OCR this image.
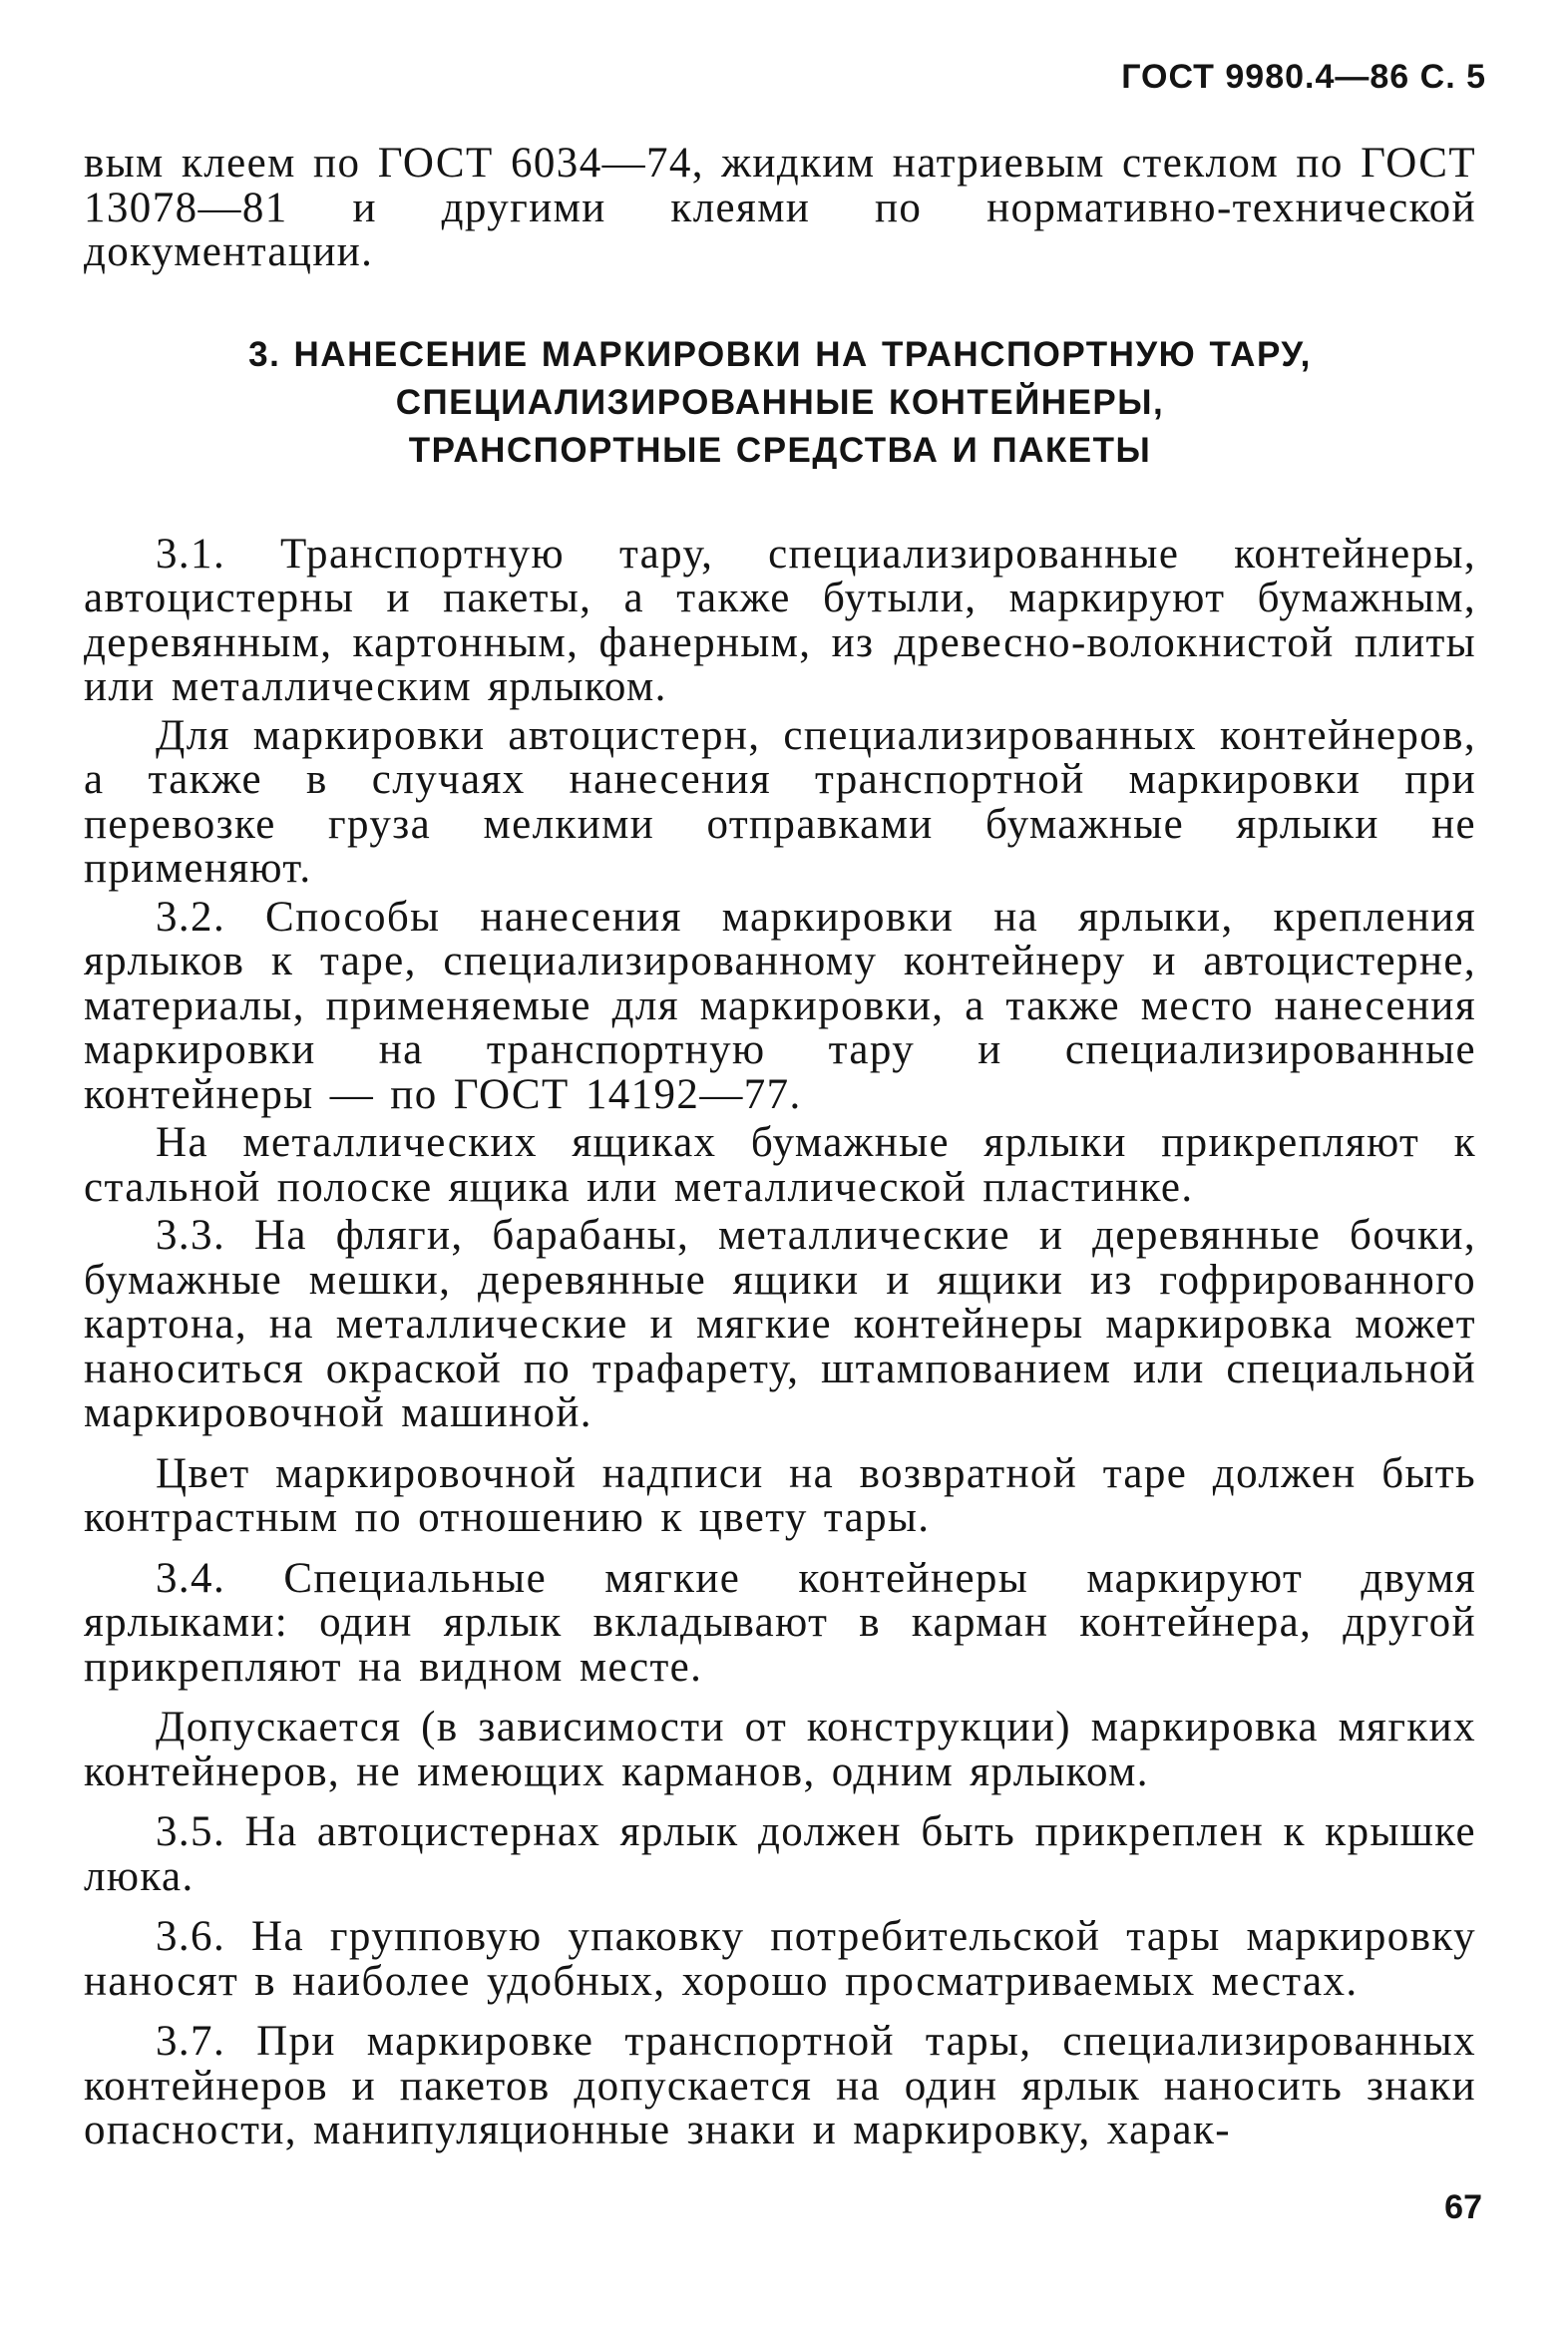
ГОСТ 9980.4—86 С. 5

вым клеем по ГОСТ 6034—74, жидким натриевым стеклом по ГОСТ 13078—81 и другими клеями по нормативно-технической документации.

3. НАНЕСЕНИЕ МАРКИРОВКИ НА ТРАНСПОРТНУЮ ТАРУ,
СПЕЦИАЛИЗИРОВАННЫЕ КОНТЕЙНЕРЫ,
ТРАНСПОРТНЫЕ СРЕДСТВА И ПАКЕТЫ

3.1. Транспортную тару, специализированные контейнеры, автоцистерны и пакеты, а также бутыли, маркируют бумажным, деревянным, картонным, фанерным, из древесно-волокнистой плиты или металлическим ярлыком.

Для маркировки автоцистерн, специализированных контейнеров, а также в случаях нанесения транспортной маркировки при перевозке груза мелкими отправками бумажные ярлыки не применяют.

3.2. Способы нанесения маркировки на ярлыки, крепления ярлыков к таре, специализированному контейнеру и автоцистерне, материалы, применяемые для маркировки, а также место нанесения маркировки на транспортную тару и специализированные контейнеры — по ГОСТ 14192—77.

На металлических ящиках бумажные ярлыки прикрепляют к стальной полоске ящика или металлической пластинке.

3.3. На фляги, барабаны, металлические и деревянные бочки, бумажные мешки, деревянные ящики и ящики из гофрированного картона, на металлические и мягкие контейнеры маркировка может наноситься окраской по трафарету, штампованием или специальной маркировочной машиной.

Цвет маркировочной надписи на возвратной таре должен быть контрастным по отношению к цвету тары.

3.4. Специальные мягкие контейнеры маркируют двумя ярлыками: один ярлык вкладывают в карман контейнера, другой прикрепляют на видном месте.

Допускается (в зависимости от конструкции) маркировка мягких контейнеров, не имеющих карманов, одним ярлыком.

3.5. На автоцистернах ярлык должен быть прикреплен к крышке люка.

3.6. На групповую упаковку потребительской тары маркировку наносят в наиболее удобных, хорошо просматриваемых местах.

3.7. При маркировке транспортной тары, специализированных контейнеров и пакетов допускается на один ярлык наносить знаки опасности, манипуляционные знаки и маркировку, харак-

67
